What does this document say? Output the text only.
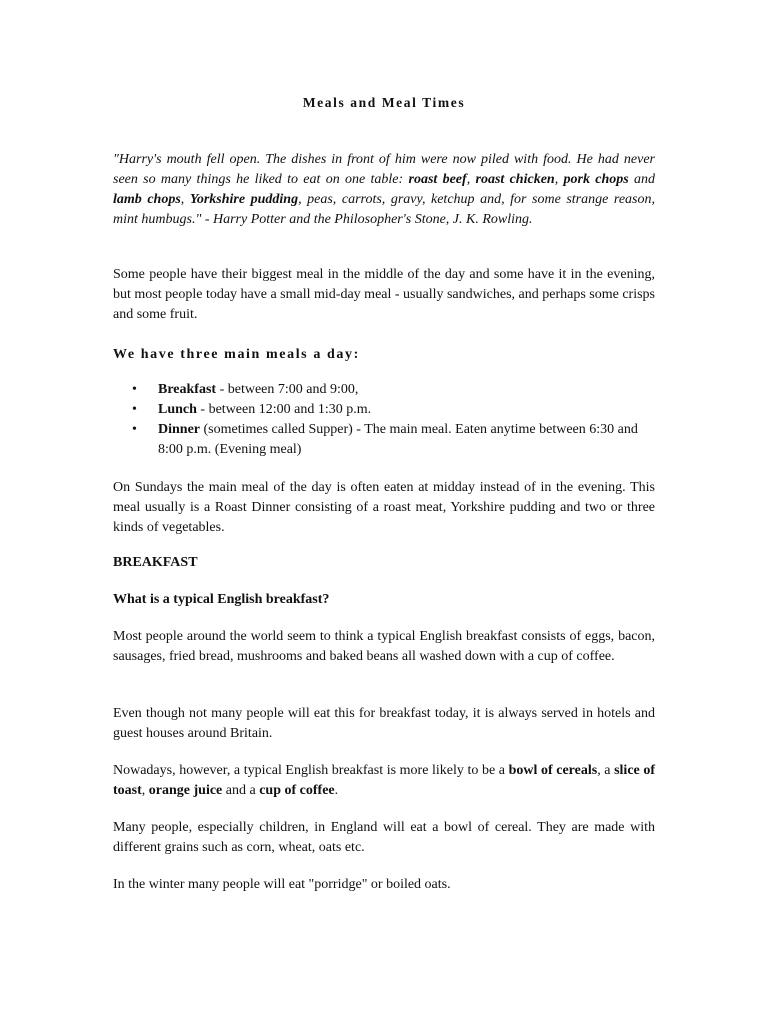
Meals and Meal Times

"Harry's mouth fell open. The dishes in front of him were now piled with food. He had never seen so many things he liked to eat on one table: roast beef, roast chicken, pork chops and lamb chops, Yorkshire pudding, peas, carrots, gravy, ketchup and, for some strange reason, mint humbugs." - Harry Potter and the Philosopher's Stone, J. K. Rowling.

Some people have their biggest meal in the middle of the day and some have it in the evening, but most people today have a small mid-day meal - usually sandwiches, and perhaps some crisps and some fruit.

We have three main meals a day:
• Breakfast - between 7:00 and 9:00,
• Lunch - between 12:00 and 1:30 p.m.
• Dinner (sometimes called Supper) - The main meal. Eaten anytime between 6:30 and 8:00 p.m. (Evening meal)

On Sundays the main meal of the day is often eaten at midday instead of in the evening. This meal usually is a Roast Dinner consisting of a roast meat, Yorkshire pudding and two or three kinds of vegetables.

BREAKFAST
What is a typical English breakfast?

Most people around the world seem to think a typical English breakfast consists of eggs, bacon, sausages, fried bread, mushrooms and baked beans all washed down with a cup of coffee.

Even though not many people will eat this for breakfast today, it is always served in hotels and guest houses around Britain.

Nowadays, however, a typical English breakfast is more likely to be a bowl of cereals, a slice of toast, orange juice and a cup of coffee.

Many people, especially children, in England will eat a bowl of cereal. They are made with different grains such as corn, wheat, oats etc.

In the winter many people will eat "porridge" or boiled oats.
